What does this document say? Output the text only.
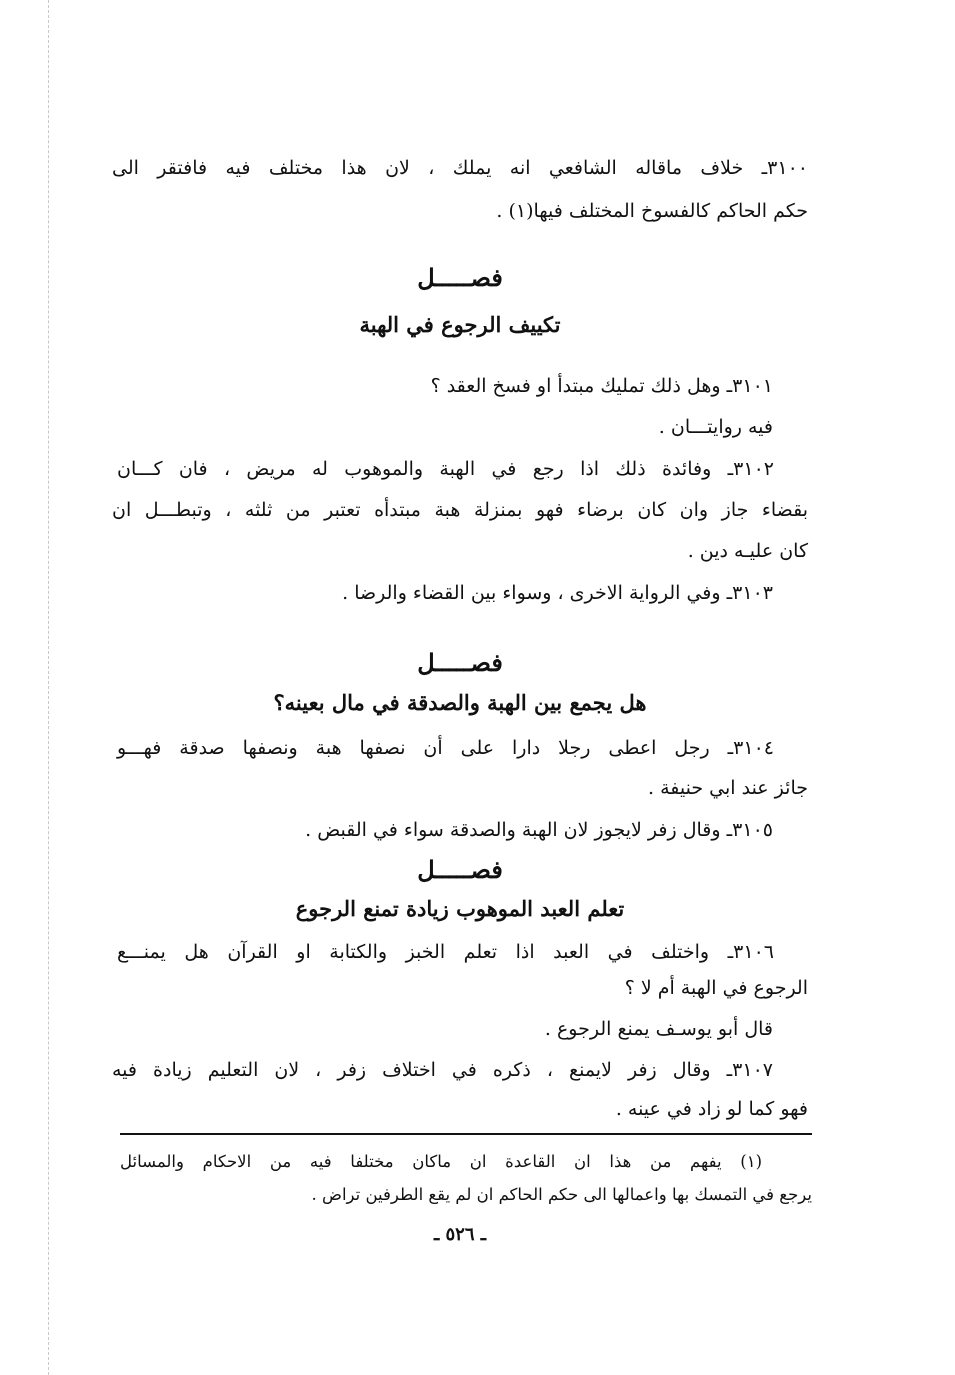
٣١٠٠ـ خلاف ماقاله الشافعي انه يملك ، لان هذا مختلف فيه فافتقر الى
حكم الحاكم كالفسوخ المختلف فيها(١) .
فصـــــل
تكييف الرجوع في الهبة
٣١٠١ـ وهل ذلك تمليك مبتدأ او فسخ العقد ؟
فيه روايتـــان .
٣١٠٢ـ وفائدة ذلك اذا رجع في الهبة والموهوب له مريض ، فان كـــان
بقضاء جاز وان كان برضاء فهو بمنزلة هبة مبتدأه تعتبر من ثلثه ، وتبطـــل ان
كان عليـه دين .
٣١٠٣ـ وفي الرواية الاخرى ، وسواء بين القضاء والرضا .
فصـــــل
هل يجمع بين الهبة والصدقة في مال بعينه؟
٣١٠٤ـ رجل اعطى رجلا دارا على أن نصفها هبة ونصفها صدقة فهـــو
جائز عند ابي حنيفة .
٣١٠٥ـ وقال زفر لايجوز لان الهبة والصدقة سواء في القبض .
فصـــــل
تعلم العبد الموهوب زيادة تمنع الرجوع
٣١٠٦ـ واختلف في العبد اذا تعلم الخبز والكتابة او القرآن هل يمنـــع
الرجوع في الهبة أم لا ؟
قال أبو يوسـف يمنع الرجوع .
٣١٠٧ـ وقال زفر لايمنع ، ذكره في اختلاف زفر ، لان التعليم زيادة فيه
فهو كما لو زاد في عينه .
(١) يفهم من هذا ان القاعدة ان ماكان مختلفا فيه من الاحكام والمسائل
يرجع في التمسك بها واعمالها الى حكم الحاكم ان لم يقع الطرفين تراض .
ـ ٥٢٦ ـ
